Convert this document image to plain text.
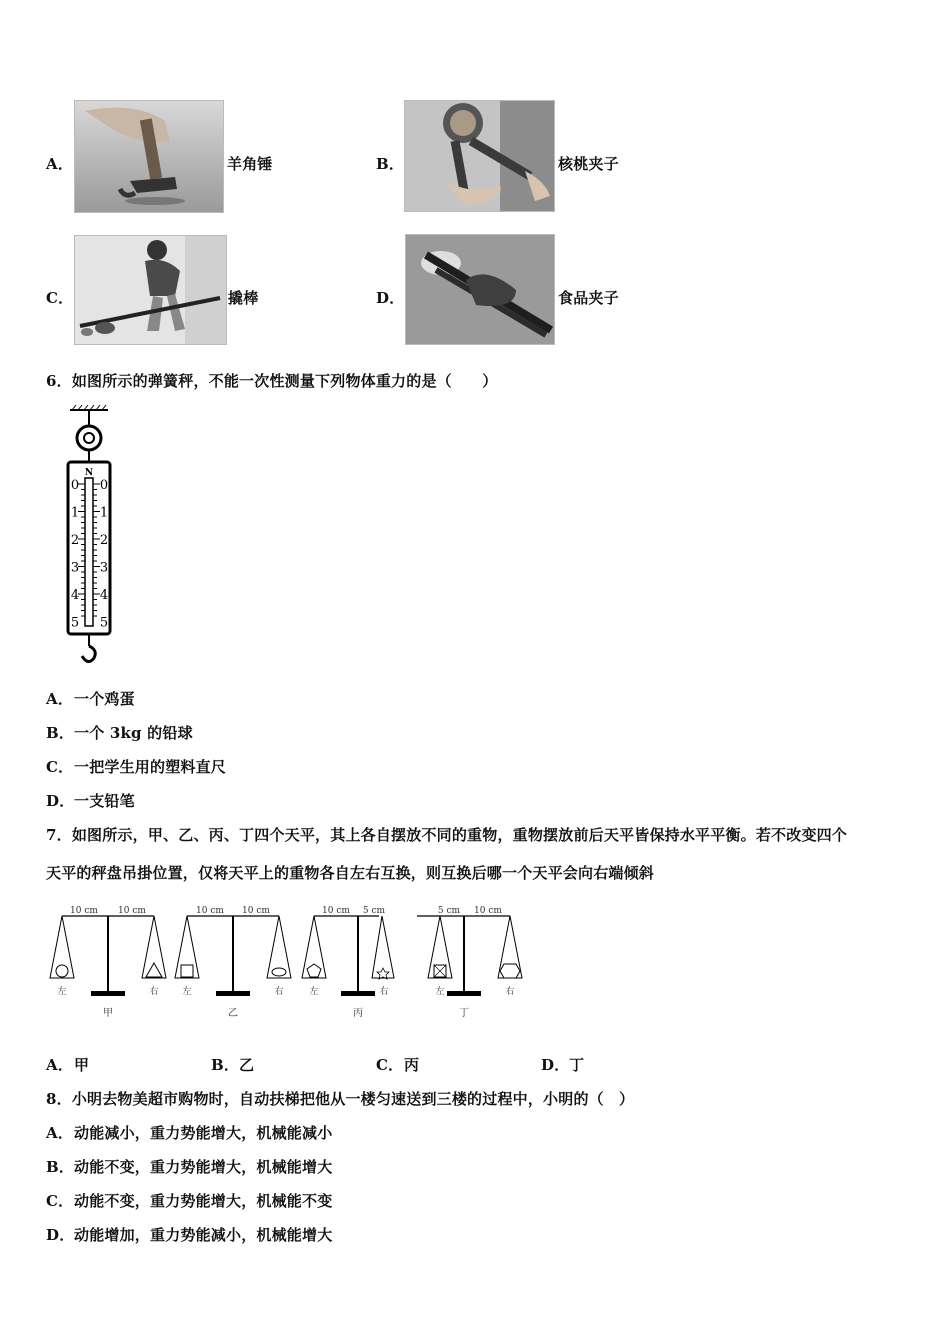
A．	羊角锤	B．	核桃夹子
C．	撬棒	D．	食品夹子
6．如图所示的弹簧秤，不能一次性测量下列物体重力的是（　　）
0
1
2
3
4
5
0
1
2
3
4
5
N
A． 一个鸡蛋
B． 一个 3kg 的铅球
C． 一把学生用的塑料直尺
D． 一支铅笔
7．如图所示，甲、乙、丙、丁四个天平，其上各自摆放不同的重物，重物摆放前后天平皆保持水平平衡。若不改变四个
天平的秤盘吊掛位置，仅将天平上的重物各自左右互换，则互换后哪一个天平会向右端倾斜
10 cm 10 cm
左	右
甲
10 cm 10 cm
左	右
乙
10 cm 5 cm
左	右
丙
5 cm 10 cm
左	右
丁
A． 甲	B． 乙	C． 丙	D． 丁
8．小明去物美超市购物时，自动扶梯把他从一楼匀速送到三楼的过程中，小明的（　）
A． 动能减小，重力势能增大，机械能减小
B． 动能不变，重力势能增大，机械能增大
C． 动能不变，重力势能增大，机械能不变
D． 动能增加，重力势能减小，机械能增大
